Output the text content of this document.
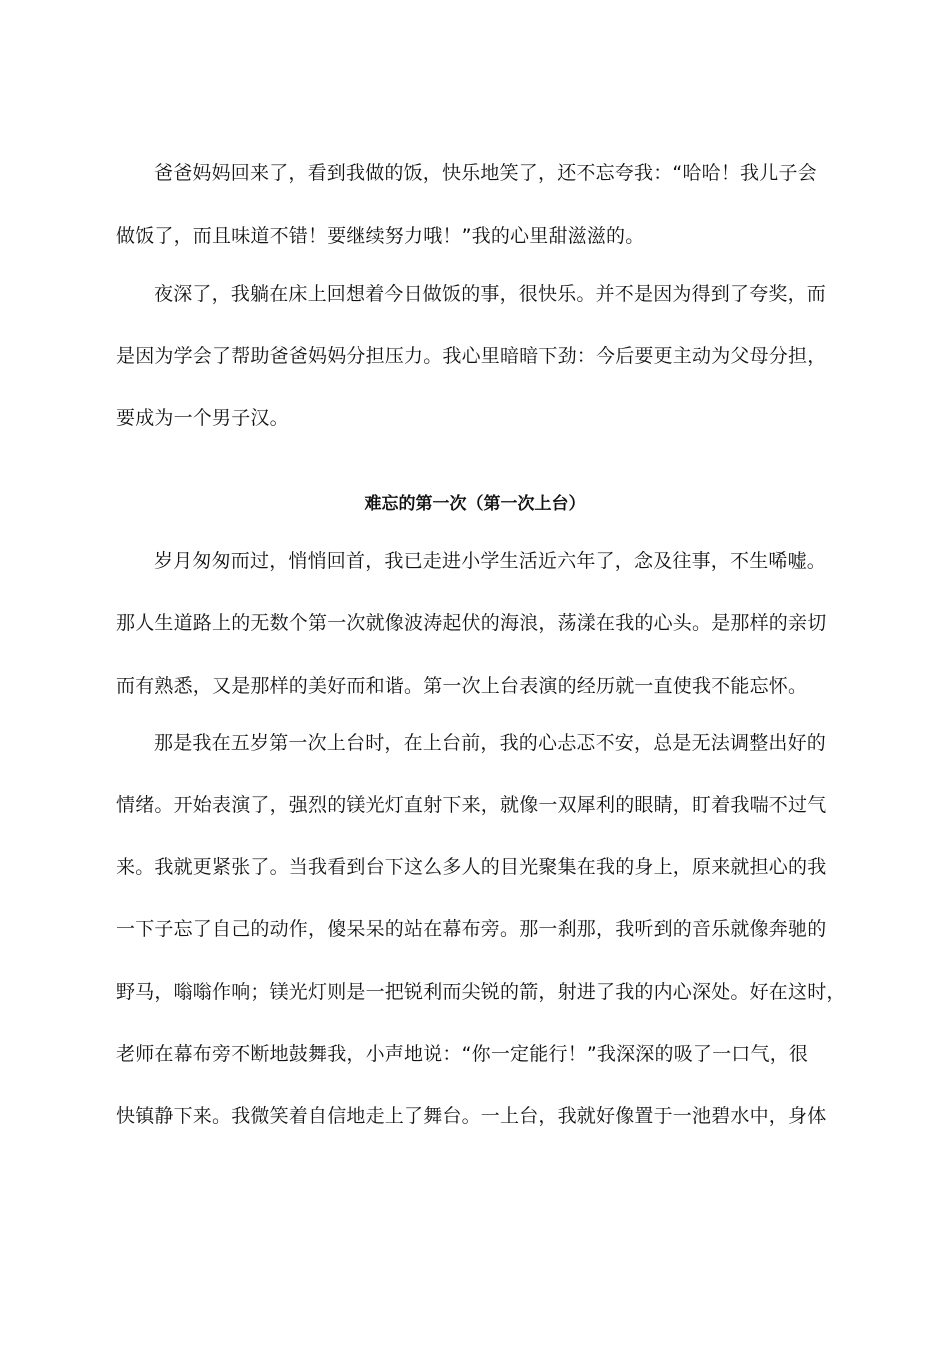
爸爸妈妈回来了，看到我做的饭，快乐地笑了，还不忘夸我：“哈哈！我儿子会
做饭了，而且味道不错！要继续努力哦！”我的心里甜滋滋的。
夜深了，我躺在床上回想着今日做饭的事，很快乐。并不是因为得到了夸奖，而
是因为学会了帮助爸爸妈妈分担压力。我心里暗暗下劲：今后要更主动为父母分担，
要成为一个男子汉。
难忘的第一次（第一次上台）
岁月匆匆而过，悄悄回首，我已走进小学生活近六年了，念及往事，不生唏嘘。
那人生道路上的无数个第一次就像波涛起伏的海浪，荡漾在我的心头。是那样的亲切
而有熟悉，又是那样的美好而和谐。第一次上台表演的经历就一直使我不能忘怀。
那是我在五岁第一次上台时，在上台前，我的心忐忑不安，总是无法调整出好的
情绪。开始表演了，强烈的镁光灯直射下来，就像一双犀利的眼睛，盯着我喘不过气
来。我就更紧张了。当我看到台下这么多人的目光聚集在我的身上，原来就担心的我
一下子忘了自己的动作，傻呆呆的站在幕布旁。那一刹那，我听到的音乐就像奔驰的
野马，嗡嗡作响；镁光灯则是一把锐利而尖锐的箭，射进了我的内心深处。好在这时，
老师在幕布旁不断地鼓舞我，小声地说：“你一定能行！”我深深的吸了一口气，很
快镇静下来。我微笑着自信地走上了舞台。一上台，我就好像置于一池碧水中，身体
